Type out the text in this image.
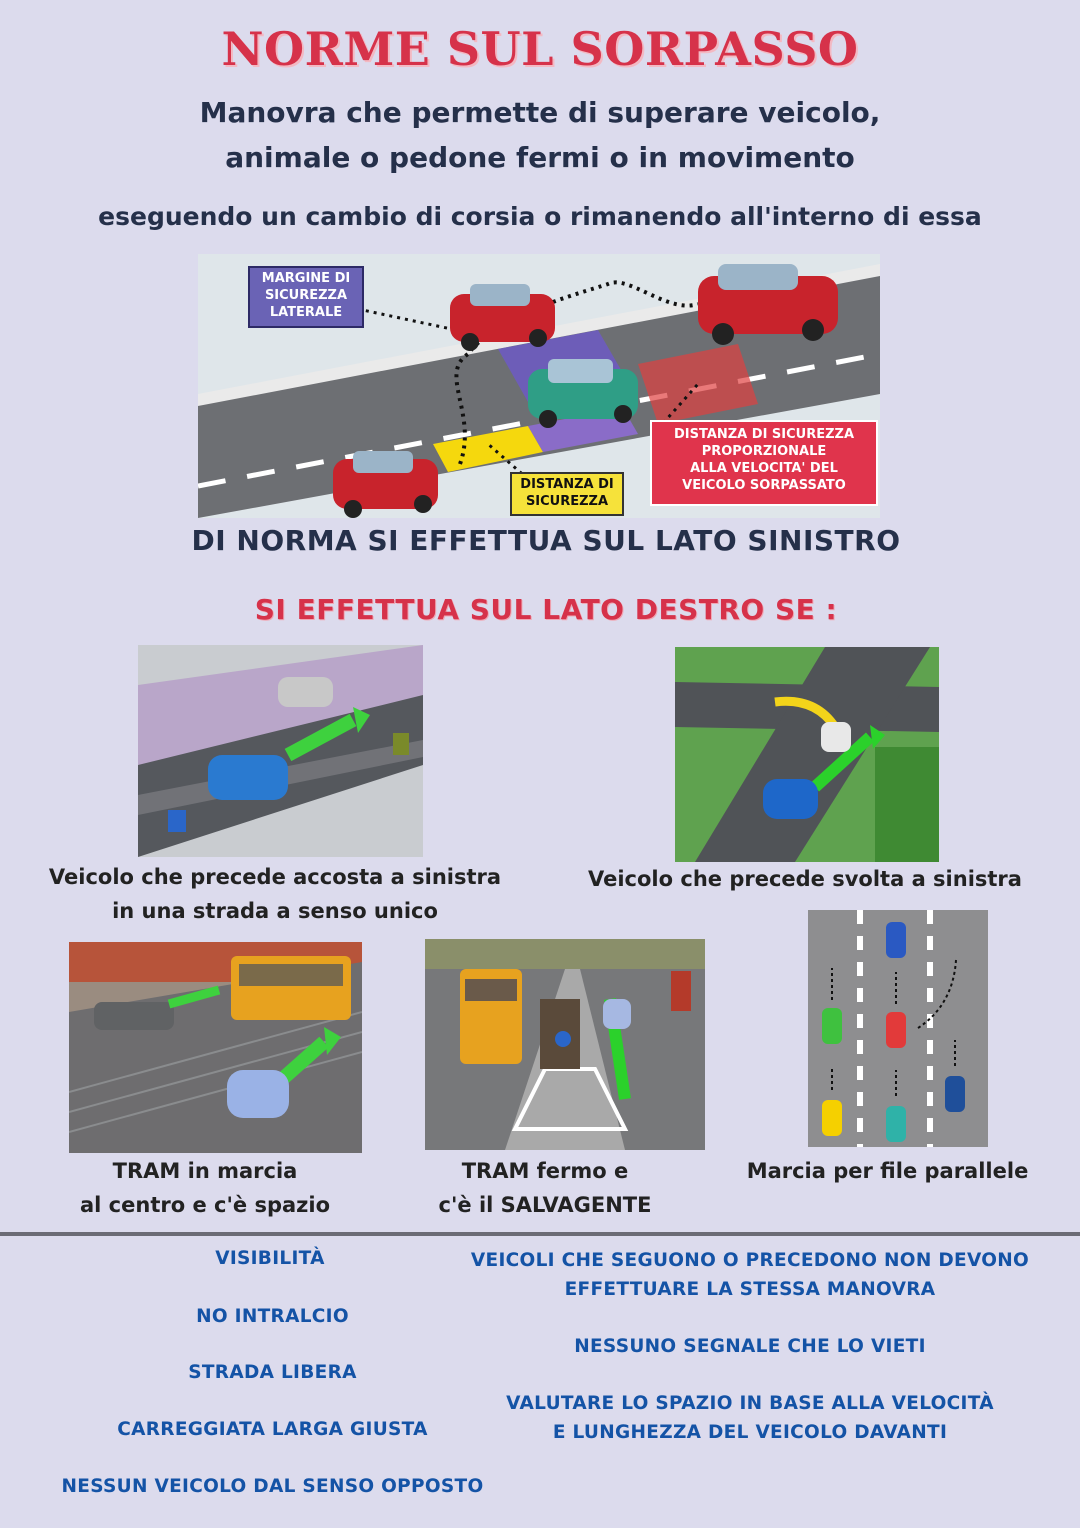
NORME SUL SORPASSO
Manovra che permette di superare veicolo,
animale o pedone fermi o in movimento
eseguendo un cambio di corsia o rimanendo all'interno di essa
MARGINE DI
SICUREZZA
LATERALE
DISTANZA DI
SICUREZZA
DISTANZA DI SICUREZZA
PROPORZIONALE
ALLA VELOCITA' DEL
VEICOLO SORPASSATO
DI NORMA SI EFFETTUA SUL LATO SINISTRO
SI EFFETTUA SUL LATO DESTRO SE :
Veicolo che precede accosta a sinistra
in una strada a senso unico
Veicolo che precede svolta a sinistra
TRAM in marcia
al centro e c'è spazio
TRAM fermo e
c'è il SALVAGENTE
Marcia per file parallele
VISIBILITÀ
NO INTRALCIO
STRADA LIBERA
CARREGGIATA LARGA GIUSTA
NESSUN VEICOLO DAL SENSO OPPOSTO
VEICOLI CHE SEGUONO O PRECEDONO NON DEVONO
EFFETTUARE LA STESSA MANOVRA
NESSUNO SEGNALE CHE LO VIETI
VALUTARE LO SPAZIO IN BASE ALLA VELOCITÀ
E LUNGHEZZA DEL VEICOLO DAVANTI
